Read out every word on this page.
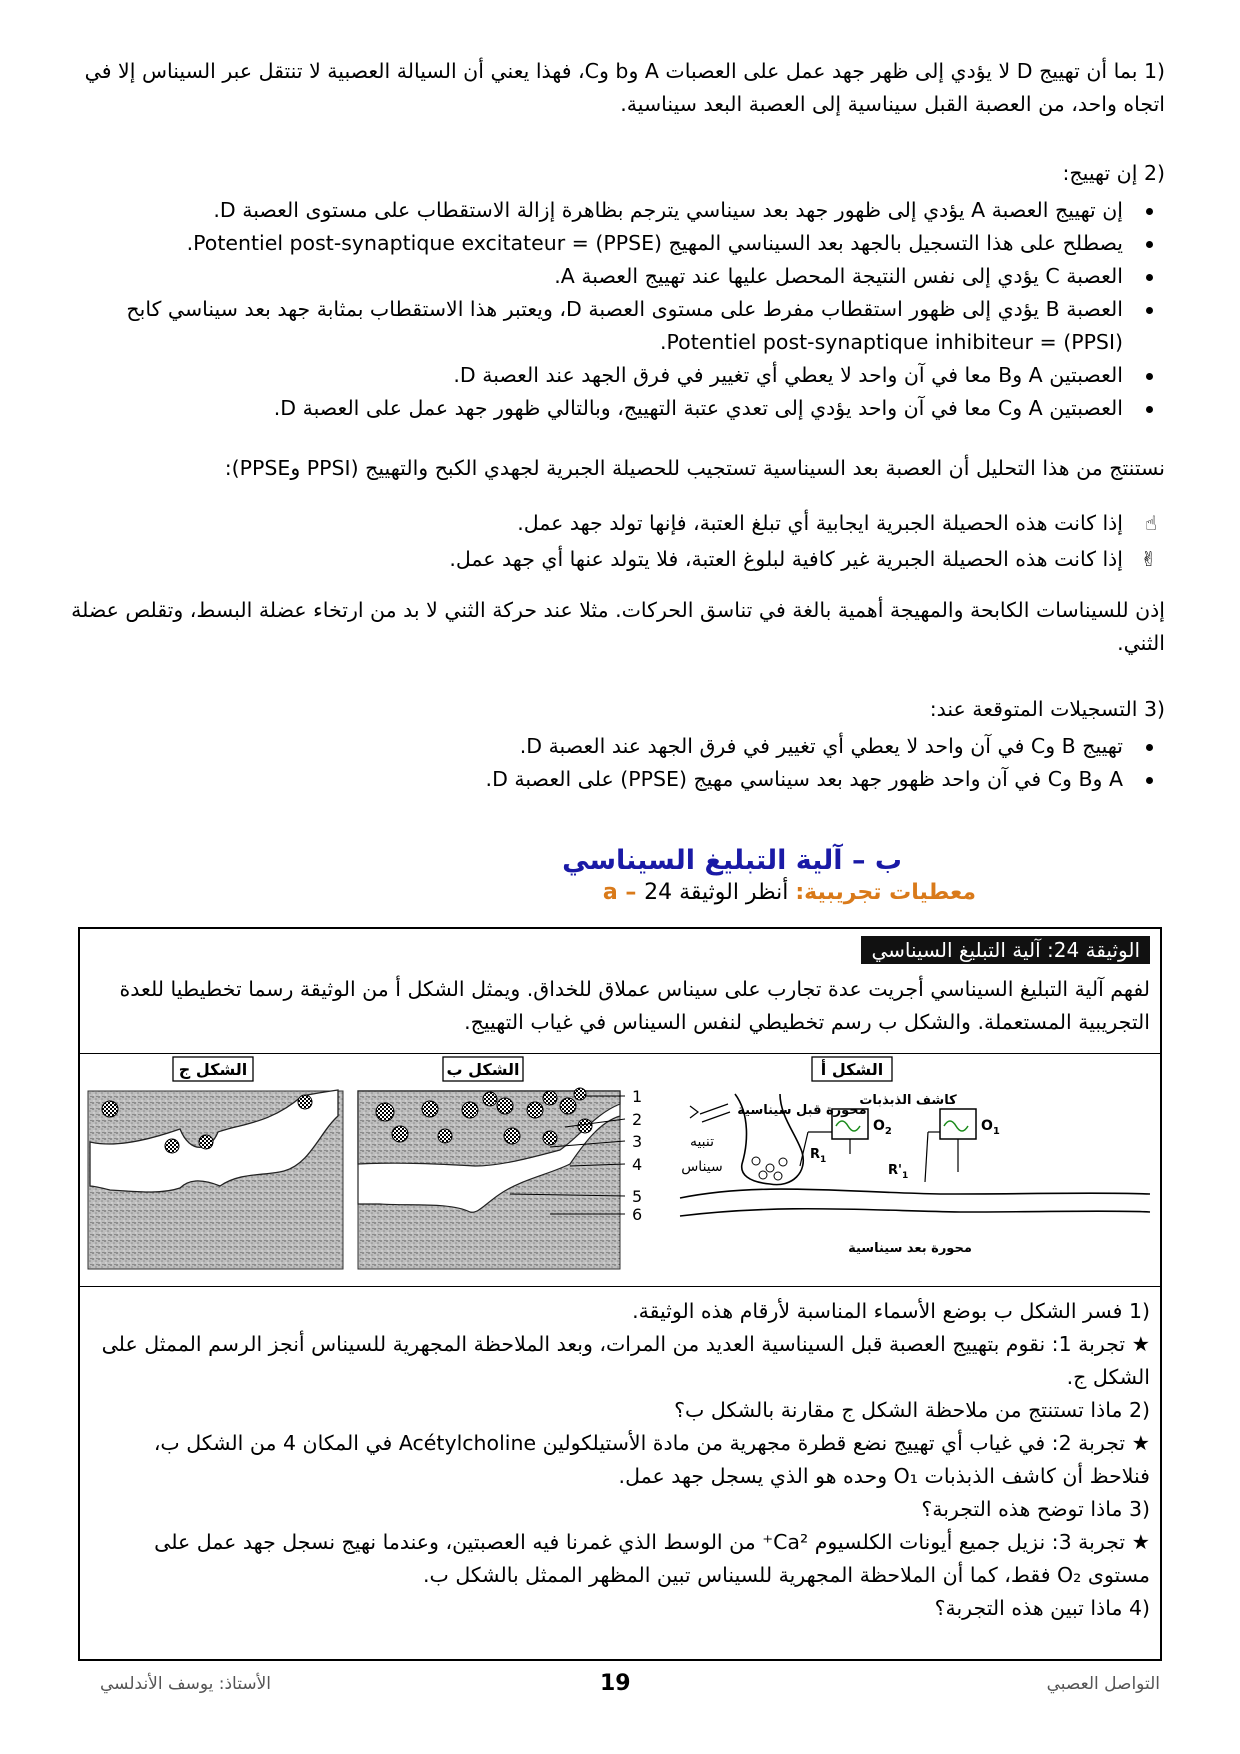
(1 بما أن تهييج D لا يؤدي إلى ظهر جهد عمل على العصبات A وb وC، فهذا يعني أن السيالة العصبية لا تنتقل عبر السيناس إلا في اتجاه واحد، من العصبة القبل سيناسية إلى العصبة البعد سيناسية.
(2 إن تهييج:
إن تهييج العصبة A يؤدي إلى ظهور جهد بعد سيناسي يترجم بظاهرة إزالة الاستقطاب على مستوى العصبة D.
يصطلح على هذا التسجيل بالجهد بعد السيناسي المهيج (PPSE) = Potentiel post-synaptique excitateur.
العصبة C يؤدي إلى نفس النتيجة المحصل عليها عند تهييج العصبة A.
العصبة B يؤدي إلى ظهور استقطاب مفرط على مستوى العصبة D، ويعتبر هذا الاستقطاب بمثابة جهد بعد سيناسي كابح (PPSI) = Potentiel post-synaptique inhibiteur.
العصبتين A وB معا في آن واحد لا يعطي أي تغيير في فرق الجهد عند العصبة D.
العصبتين A وC معا في آن واحد يؤدي إلى تعدي عتبة التهييج، وبالتالي ظهور جهد عمل على العصبة D.
نستنتج من هذا التحليل أن العصبة بعد السيناسية تستجيب للحصيلة الجبرية لجهدي الكبح والتهييج (PPSI وPPSE):
☝
إذا كانت هذه الحصيلة الجبرية ايجابية أي تبلغ العتبة، فإنها تولد جهد عمل.
✌
إذا كانت هذه الحصيلة الجبرية غير كافية لبلوغ العتبة، فلا يتولد عنها أي جهد عمل.
إذن للسيناسات الكابحة والمهيجة أهمية بالغة في تناسق الحركات. مثلا عند حركة الثني لا بد من ارتخاء عضلة البسط، وتقلص عضلة الثني.
(3 التسجيلات المتوقعة عند:
تهييج B وC في آن واحد لا يعطي أي تغيير في فرق الجهد عند العصبة D.
A وB وC في آن واحد ظهور جهد بعد سيناسي مهيج (PPSE) على العصبة D.
ب – آلية التبليغ السيناسي
a – معطيات تجريبية: أنظر الوثيقة 24
الوثيقة 24: آلية التبليغ السيناسي
لفهم آلية التبليغ السيناسي أجريت عدة تجارب على سيناس عملاق للخداق. ويمثل الشكل أ من الوثيقة رسما تخطيطيا للعدة التجريبية المستعملة. والشكل ب رسم تخطيطي لنفس السيناس في غياب التهييج.
الشكل ج	الشكل ب	الشكل أ
1
2
3
4
5
6
محورة قبل سيناسية
كاشف الذبذبات
تنبيه
سيناس
محورة بعد سيناسية
$O_2$	$O_1$
$R_1$
$R'_1$
(1 فسر الشكل ب بوضع الأسماء المناسبة لأرقام هذه الوثيقة.
★ تجربة 1: نقوم بتهييج العصبة قبل السيناسية العديد من المرات، وبعد الملاحظة المجهرية للسيناس أنجز الرسم الممثل على الشكل ج.
(2 ماذا تستنتج من ملاحظة الشكل ج مقارنة بالشكل ب؟
★ تجربة 2: في غياب أي تهييج نضع قطرة مجهرية من مادة الأستيلكولين Acétylcholine في المكان 4 من الشكل ب، فنلاحظ أن كاشف الذبذبات O₁ وحده هو الذي يسجل جهد عمل.
(3 ماذا توضح هذه التجربة؟
★ تجربة 3: نزيل جميع أيونات الكلسيوم Ca²⁺ من الوسط الذي غمرنا فيه العصبتين، وعندما نهيج نسجل جهد عمل على مستوى O₂ فقط، كما أن الملاحظة المجهرية للسيناس تبين المظهر الممثل بالشكل ب.
(4 ماذا تبين هذه التجربة؟
الأستاذ: يوسف الأندلسي	19	التواصل العصبي
